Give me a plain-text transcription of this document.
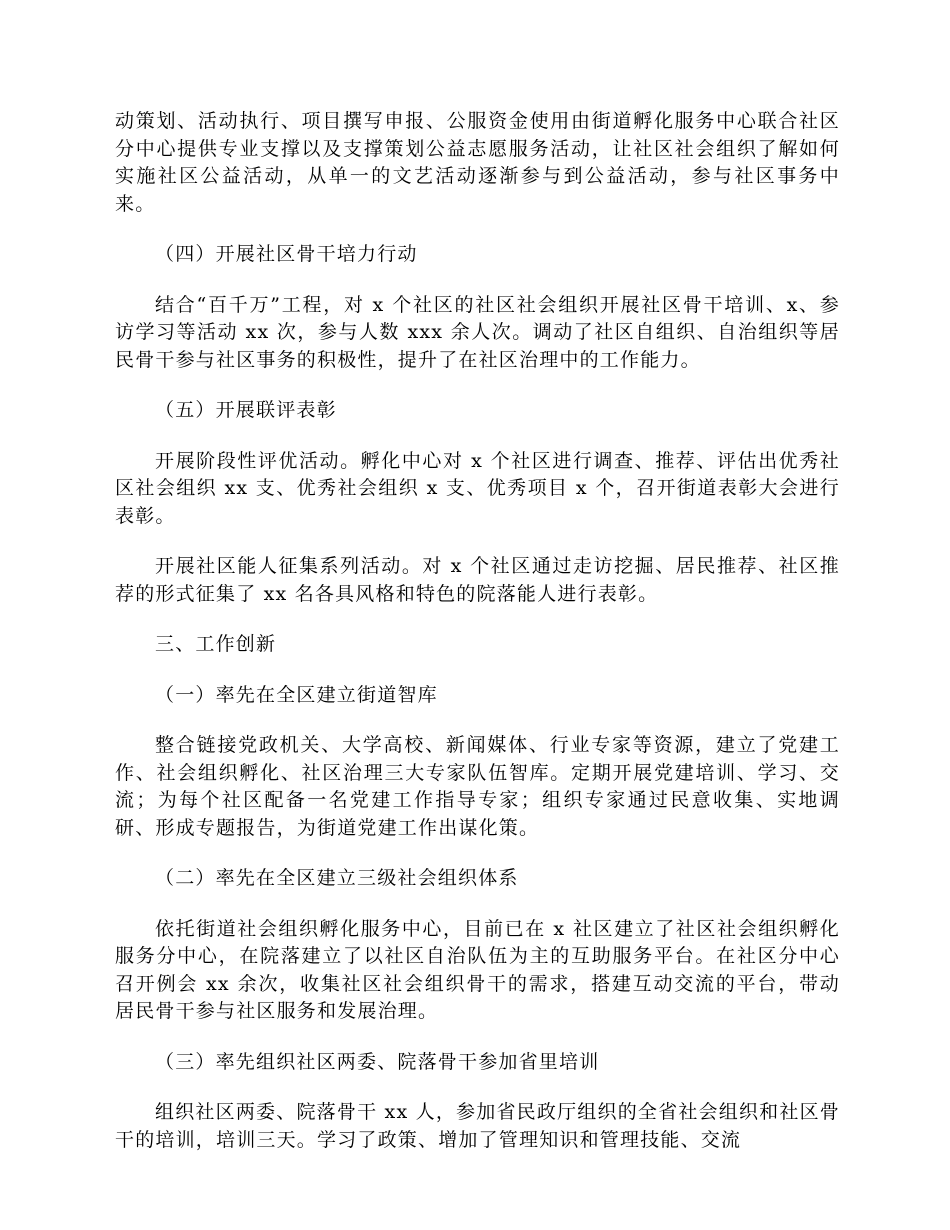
动策划、活动执行、项目撰写申报、公服资金使用由街道孵化服务中心联合社区分中心提供专业支撑以及支撑策划公益志愿服务活动，让社区社会组织了解如何实施社区公益活动，从单一的文艺活动逐渐参与到公益活动，参与社区事务中来。

（四）开展社区骨干培力行动

结合“百千万”工程，对 x 个社区的社区社会组织开展社区骨干培训、x、参访学习等活动 xx 次，参与人数 xxx 余人次。调动了社区自组织、自治组织等居民骨干参与社区事务的积极性，提升了在社区治理中的工作能力。

（五）开展联评表彰

开展阶段性评优活动。孵化中心对 x 个社区进行调查、推荐、评估出优秀社区社会组织 xx 支、优秀社会组织 x 支、优秀项目 x 个，召开街道表彰大会进行表彰。

开展社区能人征集系列活动。对 x 个社区通过走访挖掘、居民推荐、社区推荐的形式征集了 xx 名各具风格和特色的院落能人进行表彰。

三、工作创新

（一）率先在全区建立街道智库

整合链接党政机关、大学高校、新闻媒体、行业专家等资源，建立了党建工作、社会组织孵化、社区治理三大专家队伍智库。定期开展党建培训、学习、交流；为每个社区配备一名党建工作指导专家；组织专家通过民意收集、实地调研、形成专题报告，为街道党建工作出谋化策。

（二）率先在全区建立三级社会组织体系

依托街道社会组织孵化服务中心，目前已在 x 社区建立了社区社会组织孵化服务分中心，在院落建立了以社区自治队伍为主的互助服务平台。在社区分中心召开例会 xx 余次，收集社区社会组织骨干的需求，搭建互动交流的平台，带动居民骨干参与社区服务和发展治理。

（三）率先组织社区两委、院落骨干参加省里培训

组织社区两委、院落骨干 xx 人，参加省民政厅组织的全省社会组织和社区骨干的培训，培训三天。学习了政策、增加了管理知识和管理技能、交流
